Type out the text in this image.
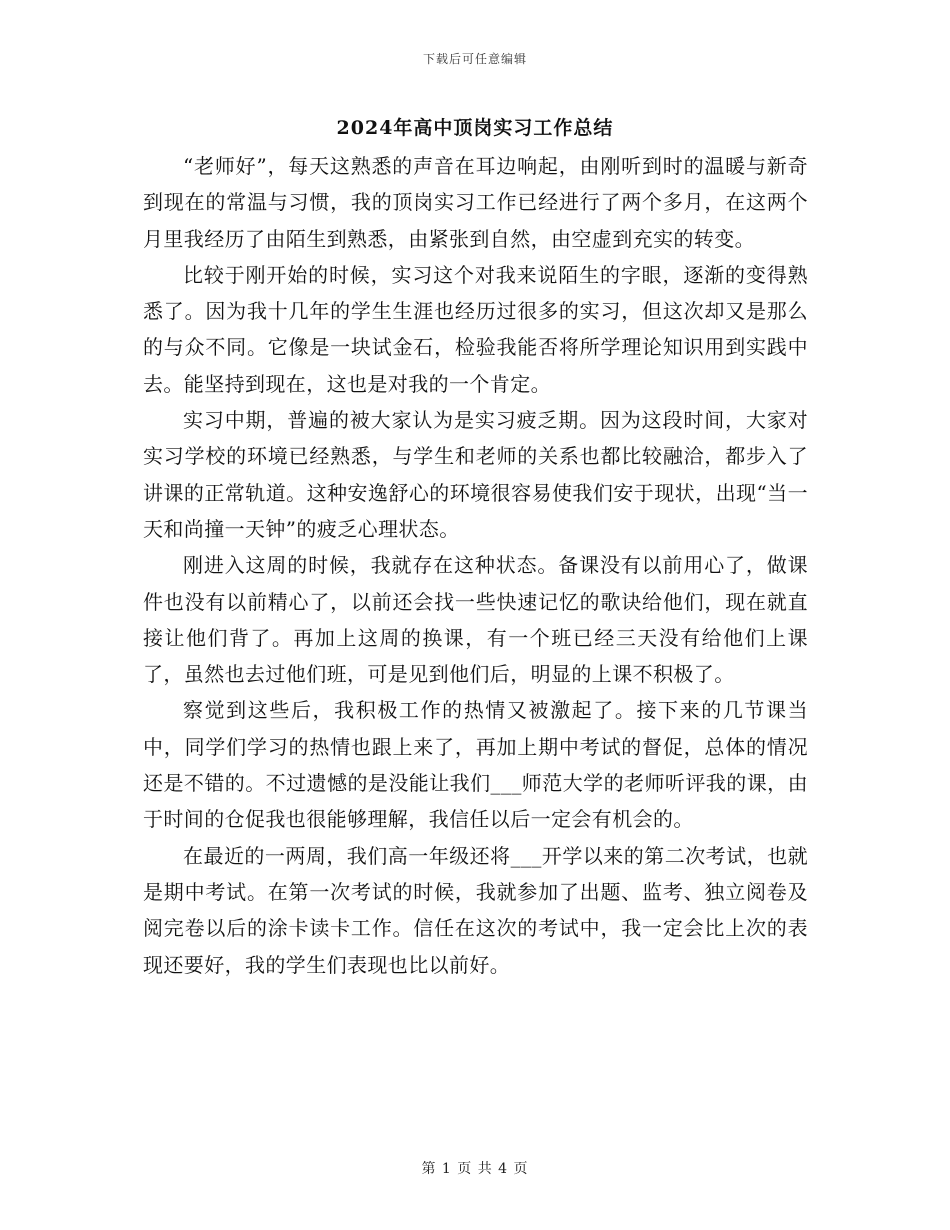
下载后可任意编辑
2024年高中顶岗实习工作总结

“老师好”，每天这熟悉的声音在耳边响起，由刚听到时的温暖与新奇到现在的常温与习惯，我的顶岗实习工作已经进行了两个多月，在这两个月里我经历了由陌生到熟悉，由紧张到自然，由空虚到充实的转变。

比较于刚开始的时候，实习这个对我来说陌生的字眼，逐渐的变得熟悉了。因为我十几年的学生生涯也经历过很多的实习，但这次却又是那么的与众不同。它像是一块试金石，检验我能否将所学理论知识用到实践中去。能坚持到现在，这也是对我的一个肯定。

实习中期，普遍的被大家认为是实习疲乏期。因为这段时间，大家对实习学校的环境已经熟悉，与学生和老师的关系也都比较融洽，都步入了讲课的正常轨道。这种安逸舒心的环境很容易使我们安于现状，出现“当一天和尚撞一天钟”的疲乏心理状态。

刚进入这周的时候，我就存在这种状态。备课没有以前用心了，做课件也没有以前精心了，以前还会找一些快速记忆的歌诀给他们，现在就直接让他们背了。再加上这周的换课，有一个班已经三天没有给他们上课了，虽然也去过他们班，可是见到他们后，明显的上课不积极了。

察觉到这些后，我积极工作的热情又被激起了。接下来的几节课当中，同学们学习的热情也跟上来了，再加上期中考试的督促，总体的情况还是不错的。不过遗憾的是没能让我们___师范大学的老师听评我的课，由于时间的仓促我也很能够理解，我信任以后一定会有机会的。

在最近的一两周，我们高一年级还将___开学以来的第二次考试，也就是期中考试。在第一次考试的时候，我就参加了出题、监考、独立阅卷及阅完卷以后的涂卡读卡工作。信任在这次的考试中，我一定会比上次的表现还要好，我的学生们表现也比以前好。

第 1 页 共 4 页
